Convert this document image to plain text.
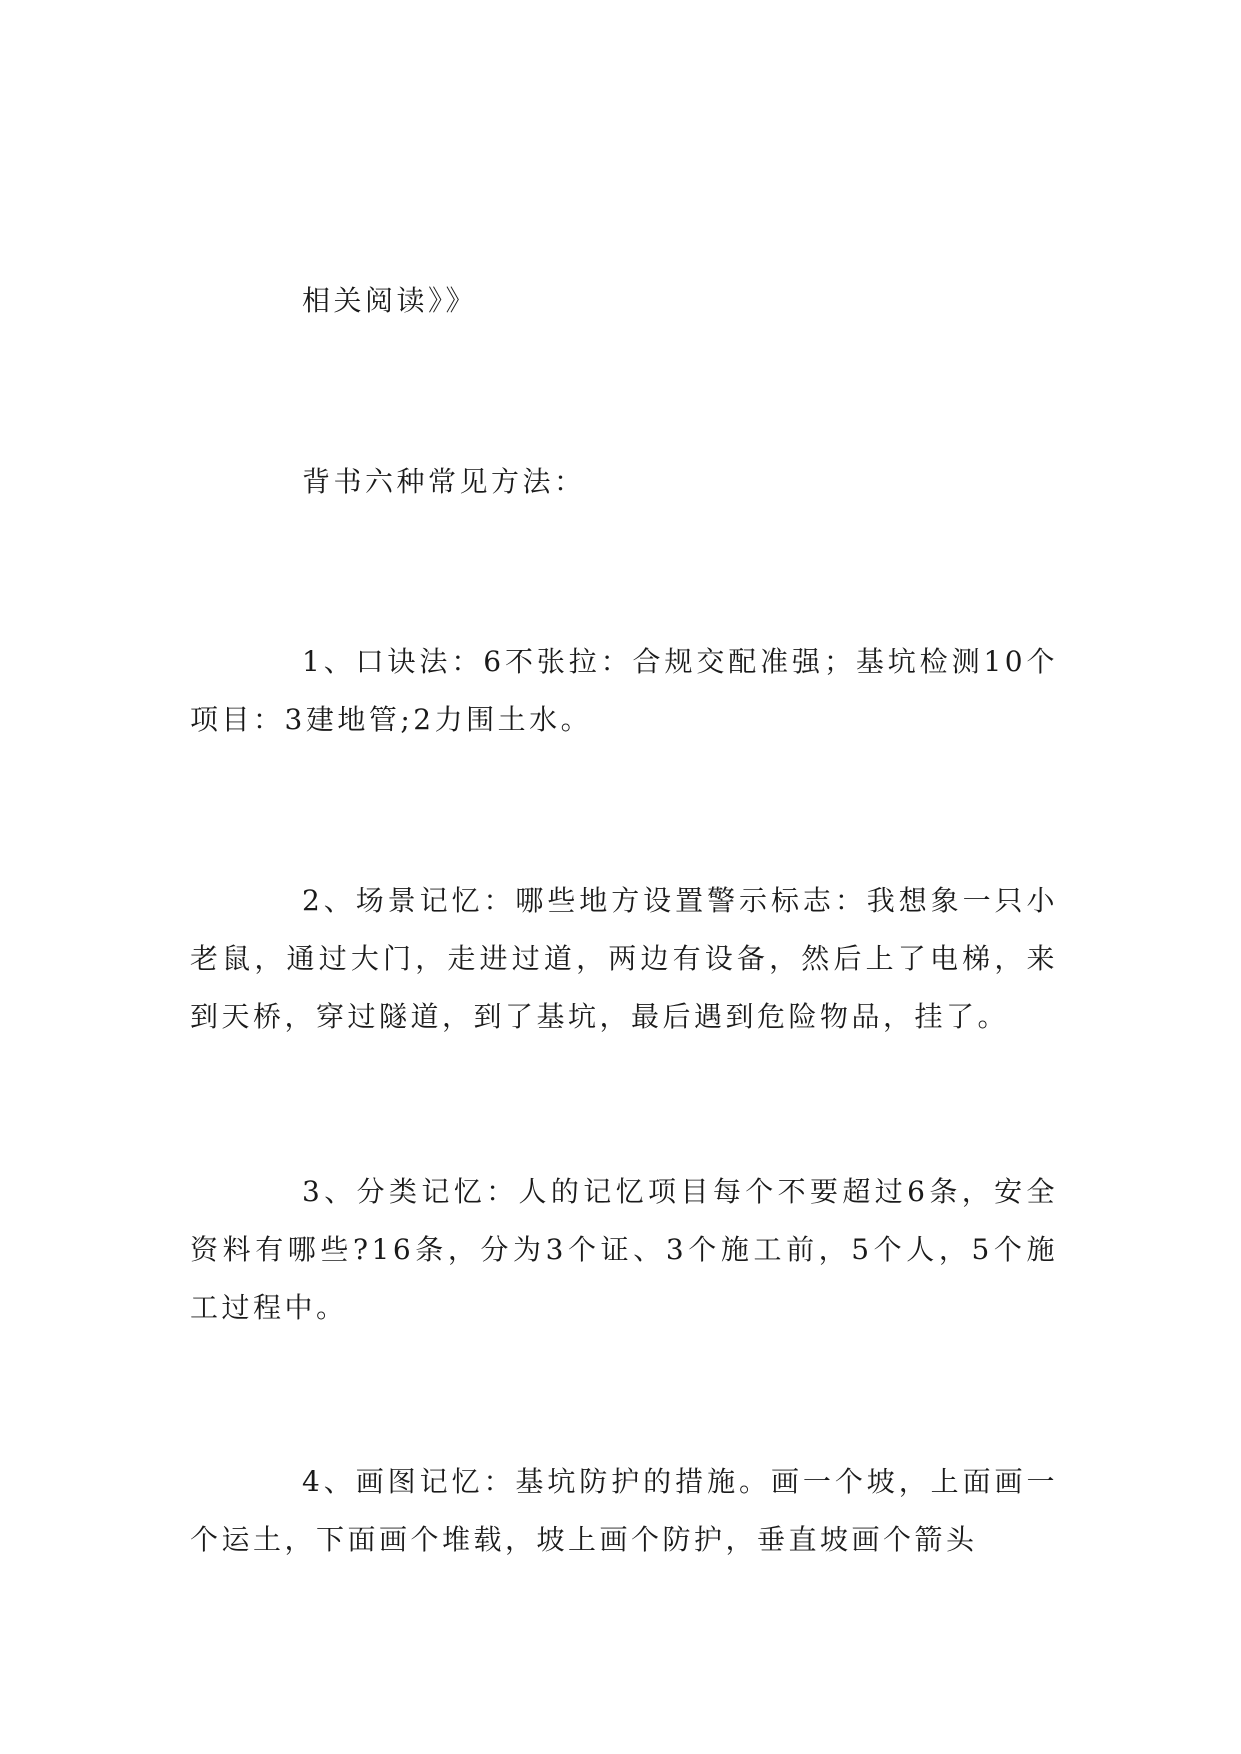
相关阅读》》

背书六种常见方法：

1、口诀法：6不张拉：合规交配准强；基坑检测10个项目：3建地管;2力围土水。

2、场景记忆：哪些地方设置警示标志：我想象一只小老鼠，通过大门，走进过道，两边有设备，然后上了电梯，来到天桥，穿过隧道，到了基坑，最后遇到危险物品，挂了。

3、分类记忆：人的记忆项目每个不要超过6条，安全资料有哪些?16条，分为3个证、3个施工前，5个人，5个施工过程中。

4、画图记忆：基坑防护的措施。画一个坡，上面画一个运土，下面画个堆载，坡上画个防护，垂直坡画个箭头
